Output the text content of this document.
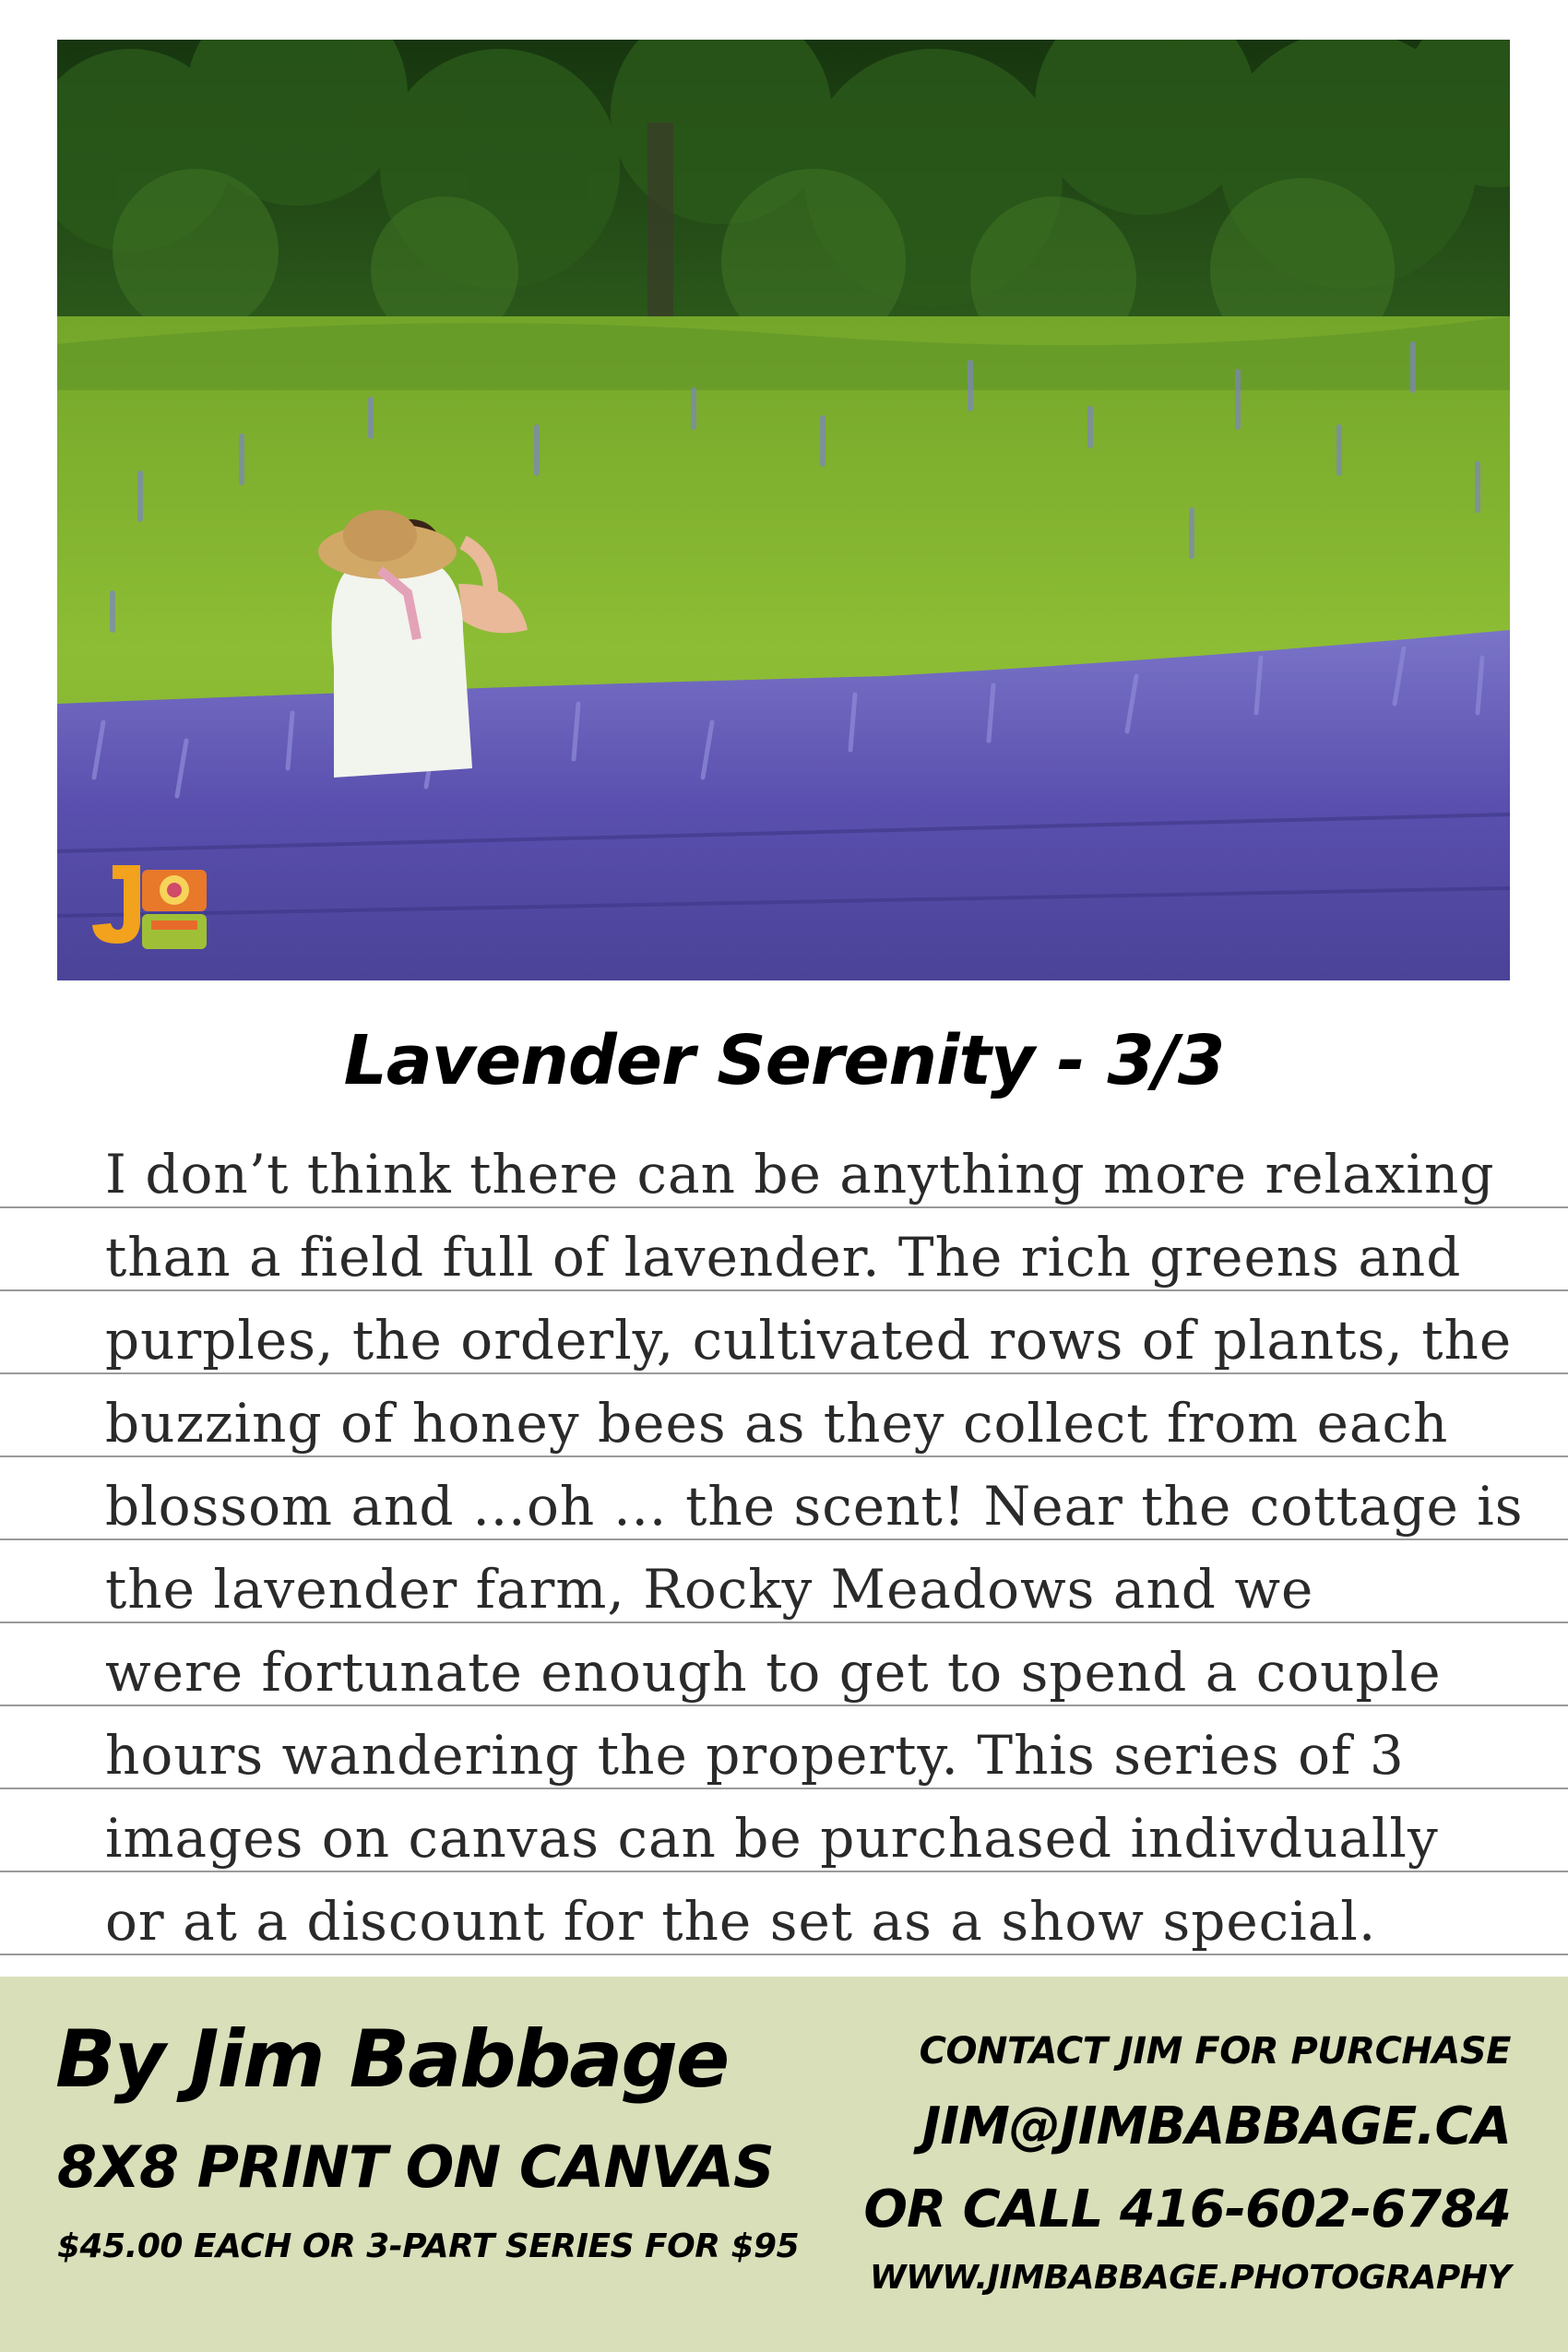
Lavender Serenity - 3/3
I don’t think there can be anything more relaxing
than a field full of lavender. The rich greens and
purples, the orderly, cultivated rows of plants, the
buzzing of honey bees as they collect from each
blossom and …oh … the scent! Near the cottage is
the lavender farm, Rocky Meadows and we
were fortunate enough to get to spend a couple
hours wandering the property. This series of 3
images on canvas can be purchased indivdually
or at a discount for the set as a show special.
By Jim Babbage
8X8 PRINT ON CANVAS
$45.00 EACH OR 3-PART SERIES FOR $95
CONTACT JIM FOR PURCHASE
JIM@JIMBABBAGE.CA
OR CALL 416-602-6784
WWW.JIMBABBAGE.PHOTOGRAPHY
